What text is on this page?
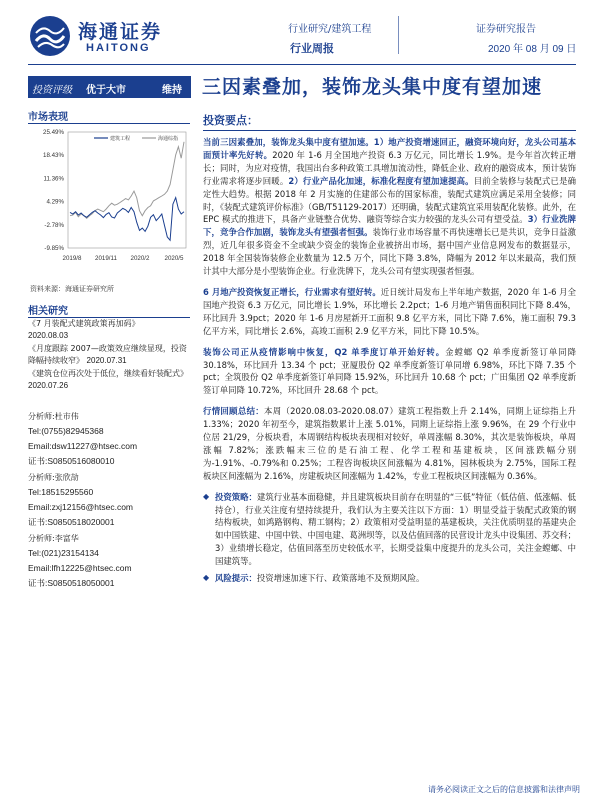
海通证券
HAITONG
行业研究/建筑工程
行业周报
证券研究报告
2020 年 08 月 09 日
投资评级 优于大市	维持 三因素叠加，装饰龙头集中度有望加速
市场表现
25.49%
18.43%
11.36%
4.29%
-2.78%
-9.85%
2019/8 2019/11 2020/2 2020/5
建筑工程	海通综指
资料来源：海通证券研究所
相关研究
《7 月装配式建筑政策再加码》
2020.08.03
《月度跟踪 2007—政策效应继续显现，投资降幅持续收窄》 2020.07.31
《建筑仓位再次处于低位，继续看好装配式》 2020.07.26
分析师:杜市伟
Tel:(0755)82945368
Email:dsw11227@htsec.com
证书:S0850516080010
分析师:张欣劼
Tel:18515295560
Email:zxj12156@htsec.com
证书:S0850518020001
分析师:李富华
Tel:(021)23154134
Email:lfh12225@htsec.com
证书:S0850518050001
投资要点：

当前三因素叠加，装饰龙头集中度有望加速。1）地产投资增速回正，融资环境向好，龙头公司基本面预计率先好转。2020 年 1-6 月全国地产投资 6.3 万亿元，同比增长 1.9%。是今年首次转正增长；同时，为应对疫情，我国出台多种政策工具增加流动性，降低企业、政府的融资成本，预计装饰行业需求将逐步回暖。2）行业产品化加速，标准化程度有望加速提高。目前全装修与装配式已是确定性大趋势。根据 2018 年 2 月实施的住建部公布的国家标准，装配式建筑应满足采用全装修；同时，《装配式建筑评价标准》（GB/T51129-2017）还明确，装配式建筑宜采用装配化装修。此外，在 EPC 模式的推进下，具备产业链整合优势、融资等综合实力较强的龙头公司有望受益。3）行业洗牌下，竞争合作加剧，装饰龙头有望强者恒强。装饰行业市场容量不再快速增长已是共识，竞争日益激烈，近几年很多资金不全或缺少资金的装饰企业被挤出市场，据中国产业信息网发布的数据显示，2018 年全国装饰装修企业数量为 12.5 万个，同比下降 3.8%，降幅为 2012 年以来最高，我们预计其中大部分是小型装饰企业。行业洗牌下，龙头公司有望实现强者恒强。

6 月地产投资恢复正增长，行业需求有望好转。近日统计局发布上半年地产数据，2020 年 1-6 月全国地产投资 6.3 万亿元，同比增长 1.9%，环比增长 2.2pct；1-6 月地产销售面积同比下降 8.4%，环比回升 3.9pct；2020 年 1-6 月房屋新开工面积 9.8 亿平方米，同比下降 7.6%，施工面积 79.3 亿平方米，同比增长 2.6%，高竣工面积 2.9 亿平方米，同比下降 10.5%。

装饰公司正从疫情影响中恢复，Q2 单季度订单开始好转。金螳螂 Q2 单季度新签订单同降 30.18%，环比回升 13.34 个 pct；亚厦股份 Q2 单季度新签订单同增 6.98%，环比下降 7.35 个 pct；全筑股份 Q2 单季度新签订单同降 15.92%，环比回升 10.68 个 pct；广田集团 Q2 单季度新签订单同降 10.72%，环比回升 28.68 个 pct。

行情回顾总结：本周（2020.08.03-2020.08.07）建筑工程指数上升 2.14%，同期上证综指上升 1.33%；2020 年初至今，建筑指数累计上涨 5.01%，同期上证综指上涨 9.96%，在 29 个行业中位居 21/29，分板块看，本周钢结构板块表现相对较好，单周涨幅 8.30%，其次是装饰板块，单周涨幅 7.82%；涨跌幅末三位的是石油工程、化学工程和基建板块，区间涨跌幅分别为-1.91%、-0.79%和 0.25%；工程咨询板块区间涨幅为 4.81%，园林板块为 2.75%，国际工程板块区间涨幅为 2.16%，房建板块区间涨幅为 1.42%，专业工程板块区间涨幅为 0.36%。

◆ 投资策略：建筑行业基本面稳健，并且建筑板块目前存在明显的“三低”特征（低估值、低涨幅、低持仓），行业关注度有望持续提升，我们认为主要关注以下方面：1）明显受益于装配式政策的钢结构板块，如鸿路钢构、精工钢构；2）政策相对受益明显的基建板块，关注优质明显的基建央企如中国铁建、中国中铁、中国电建、葛洲坝等，以及估值回落的民营设计龙头中设集团、苏交科；3）业绩增长稳定，估值回落至历史较低水平，长期受益集中度提升的龙头公司，关注金螳螂、中国建筑等。

◆ 风险提示：投资增速加速下行、政策落地不及预期风险。

请务必阅读正文之后的信息披露和法律声明
